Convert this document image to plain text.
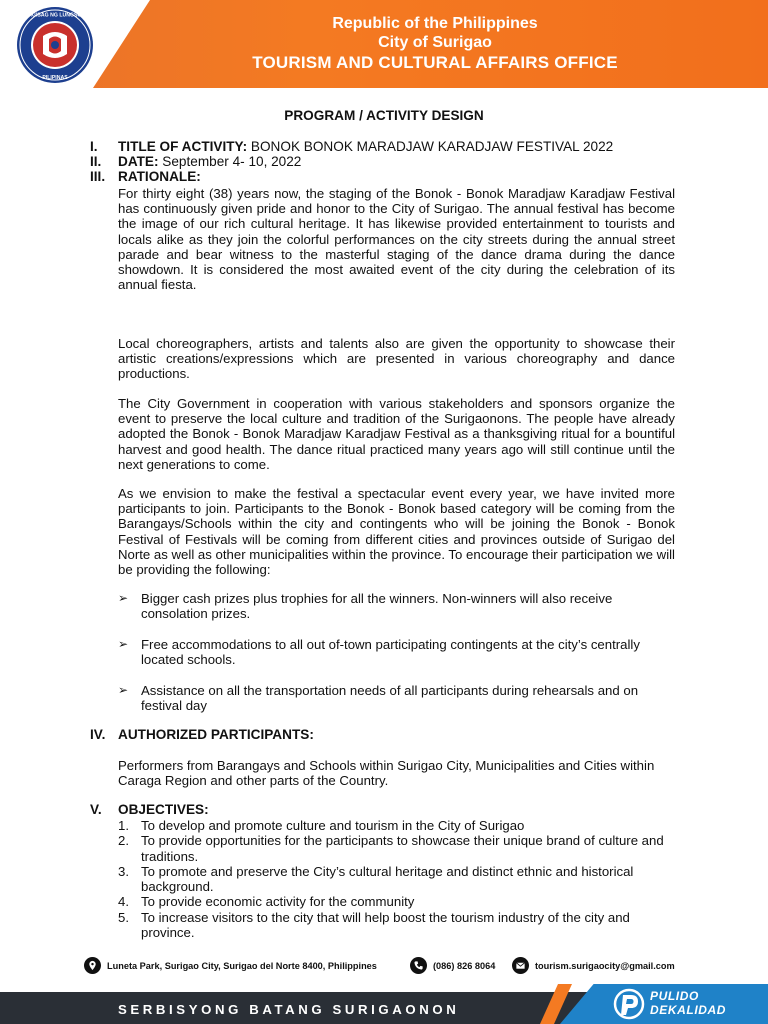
SAGISAG NG LUNGSOD
PILIPINAS
Republic of the Philippines
City of Surigao
TOURISM AND CULTURAL AFFAIRS OFFICE
PROGRAM / ACTIVITY DESIGN
I. TITLE OF ACTIVITY: BONOK BONOK MARADJAW KARADJAW FESTIVAL 2022
II. DATE: September 4- 10, 2022
III. RATIONALE:

For thirty eight (38) years now, the staging of the Bonok - Bonok Maradjaw Karadjaw Festival has continuously given pride and honor to the City of Surigao. The annual festival has become the image of our rich cultural heritage. It has likewise provided entertainment to tourists and locals alike as they join the colorful performances on the city streets during the annual street parade and bear witness to the masterful staging of the dance drama during the dance showdown. It is considered the most awaited event of the city during the celebration of its annual fiesta.

Local choreographers, artists and talents also are given the opportunity to showcase their artistic creations/expressions which are presented in various choreography and dance productions.

The City Government in cooperation with various stakeholders and sponsors organize the event to preserve the local culture and tradition of the Surigaonons. The people have already adopted the Bonok - Bonok Maradjaw Karadjaw Festival as a thanksgiving ritual for a bountiful harvest and good health. The dance ritual practiced many years ago will still continue until the next generations to come.

As we envision to make the festival a spectacular event every year, we have invited more participants to join. Participants to the Bonok - Bonok based category will be coming from the Barangays/Schools within the city and contingents who will be joining the Bonok - Bonok Festival of Festivals will be coming from different cities and provinces outside of Surigao del Norte as well as other municipalities within the province. To encourage their participation we will be providing the following:

➢ Bigger cash prizes plus trophies for all the winners. Non-winners will also receive consolation prizes.
➢ Free accommodations to all out of-town participating contingents at the city’s centrally located schools.
➢ Assistance on all the transportation needs of all participants during rehearsals and on festival day
IV. AUTHORIZED PARTICIPANTS:

Performers from Barangays and Schools within Surigao City, Municipalities and Cities within Caraga Region and other parts of the Country.

V. OBJECTIVES:
1. To develop and promote culture and tourism in the City of Surigao
2. To provide opportunities for the participants to showcase their unique brand of culture and traditions.
3. To promote and preserve the City’s cultural heritage and distinct ethnic and historical background.
4. To provide economic activity for the community
5. To increase visitors to the city that will help boost the tourism industry of the city and province.
Luneta Park, Surigao City, Surigao del Norte 8400, Philippines	(086) 826 8064	tourism.surigaocity@gmail.com
SERBISYONG BATANG SURIGAONON
PULIDO
DEKALIDAD
